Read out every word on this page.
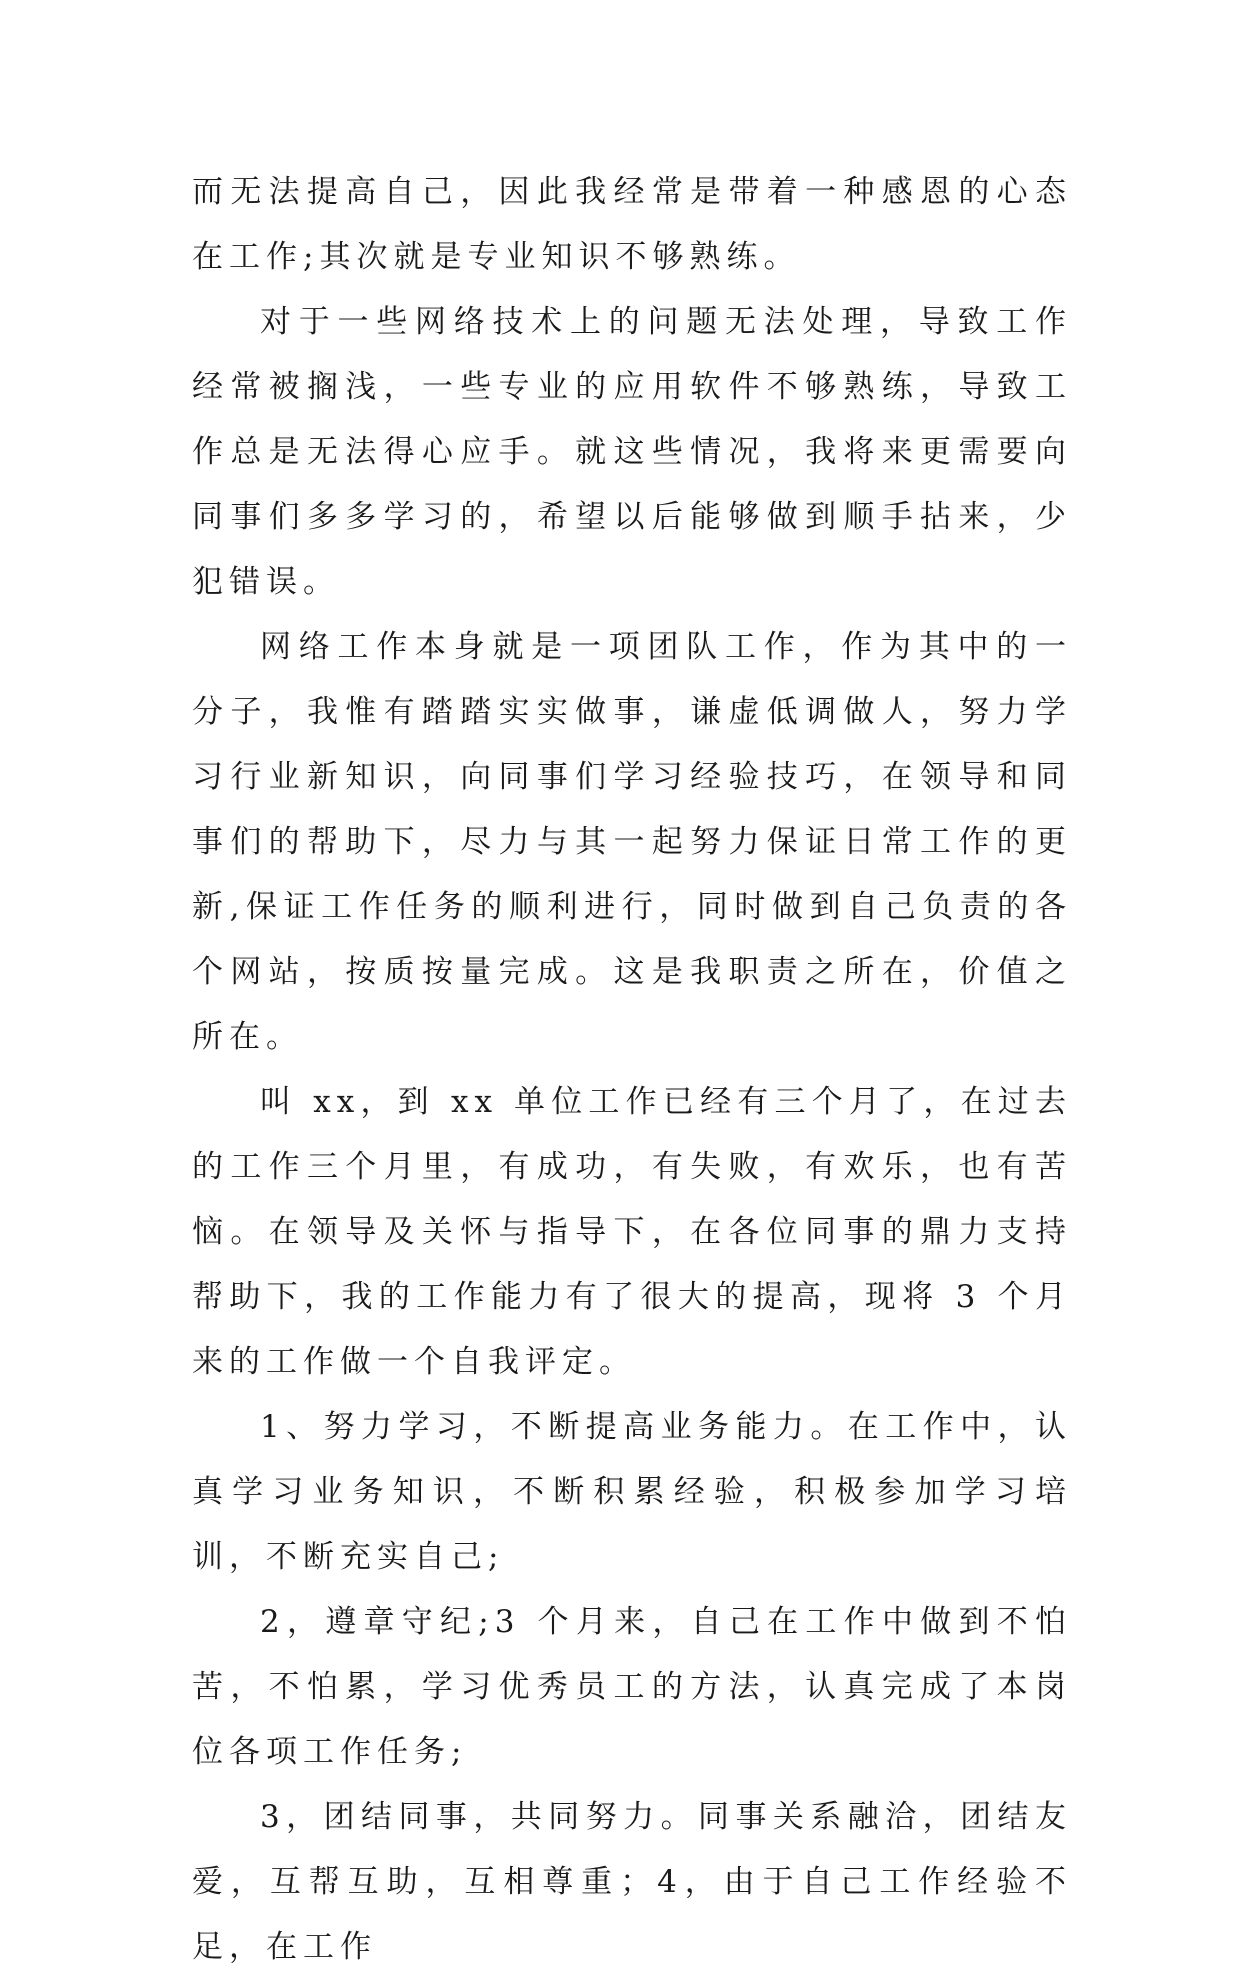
而无法提高自己，因此我经常是带着一种感恩的心态在工作;其次就是专业知识不够熟练。

对于一些网络技术上的问题无法处理，导致工作经常被搁浅，一些专业的应用软件不够熟练，导致工作总是无法得心应手。就这些情况，我将来更需要向同事们多多学习的，希望以后能够做到顺手拈来，少犯错误。

网络工作本身就是一项团队工作，作为其中的一分子，我惟有踏踏实实做事，谦虚低调做人，努力学习行业新知识，向同事们学习经验技巧，在领导和同事们的帮助下，尽力与其一起努力保证日常工作的更新,保证工作任务的顺利进行，同时做到自己负责的各个网站，按质按量完成。这是我职责之所在，价值之所在。

叫 xx，到 xx 单位工作已经有三个月了，在过去的工作三个月里，有成功，有失败，有欢乐，也有苦恼。在领导及关怀与指导下，在各位同事的鼎力支持帮助下，我的工作能力有了很大的提高，现将 3 个月来的工作做一个自我评定。

1、努力学习，不断提高业务能力。在工作中，认真学习业务知识，不断积累经验，积极参加学习培训，不断充实自己;

2，遵章守纪;3 个月来，自己在工作中做到不怕苦，不怕累，学习优秀员工的方法，认真完成了本岗位各项工作任务;

3，团结同事，共同努力。同事关系融洽，团结友爱，互帮互助，互相尊重；4，由于自己工作经验不足，在工作
